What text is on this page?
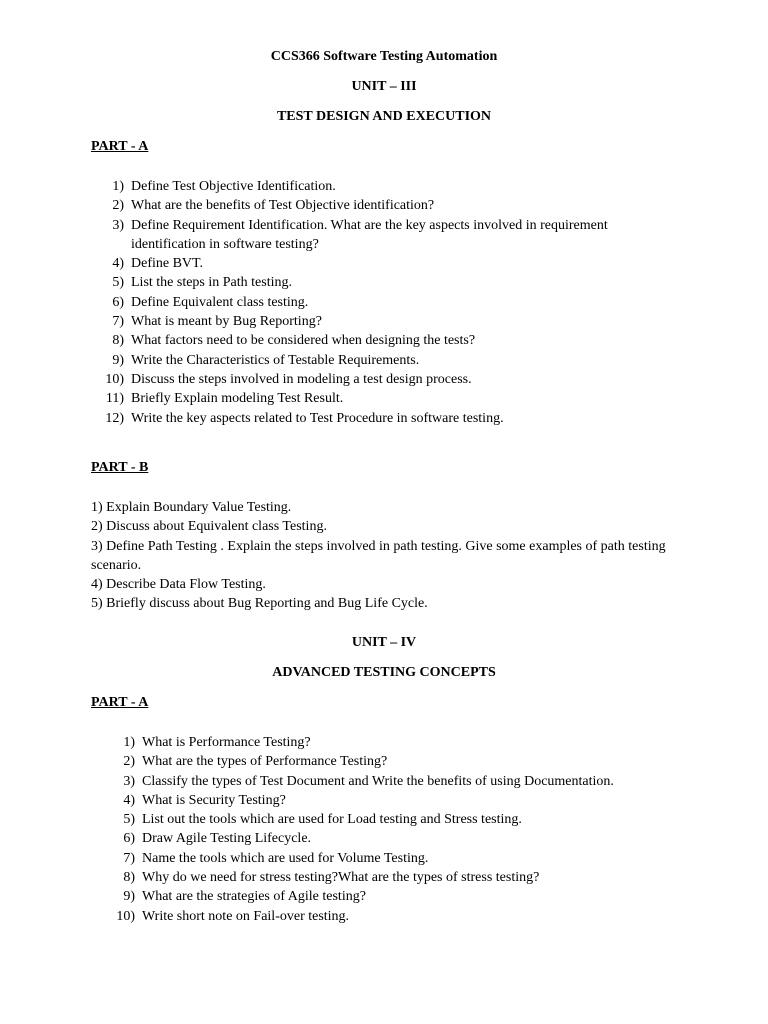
CCS366 Software Testing Automation
UNIT – III
TEST DESIGN AND EXECUTION
PART - A
1) Define Test Objective Identification.
2) What are the benefits of Test Objective identification?
3) Define Requirement Identification. What are the key aspects involved in requirement identification in software testing?
4) Define BVT.
5) List the steps in Path testing.
6) Define Equivalent class testing.
7) What is meant by Bug Reporting?
8) What factors need to be considered when designing the tests?
9) Write the Characteristics of Testable Requirements.
10) Discuss the steps involved in modeling a test design process.
11) Briefly Explain modeling Test Result.
12) Write the key aspects related to Test Procedure in software testing.
PART - B
1) Explain Boundary Value Testing.
2) Discuss about Equivalent class Testing.
3) Define Path Testing . Explain the steps involved in path testing. Give some examples of path testing scenario.
4) Describe Data Flow Testing.
5) Briefly discuss about Bug Reporting and Bug Life Cycle.
UNIT – IV
ADVANCED TESTING CONCEPTS
PART - A
1) What is Performance Testing?
2) What are the types of Performance Testing?
3) Classify the types of Test Document and Write the benefits of using Documentation.
4) What is Security Testing?
5) List out the tools which are used for Load testing and Stress testing.
6) Draw Agile Testing Lifecycle.
7) Name the tools which are used for Volume Testing.
8) Why do we need for stress testing?What are the types of stress testing?
9) What are the strategies of Agile testing?
10) Write short note on Fail-over testing.
